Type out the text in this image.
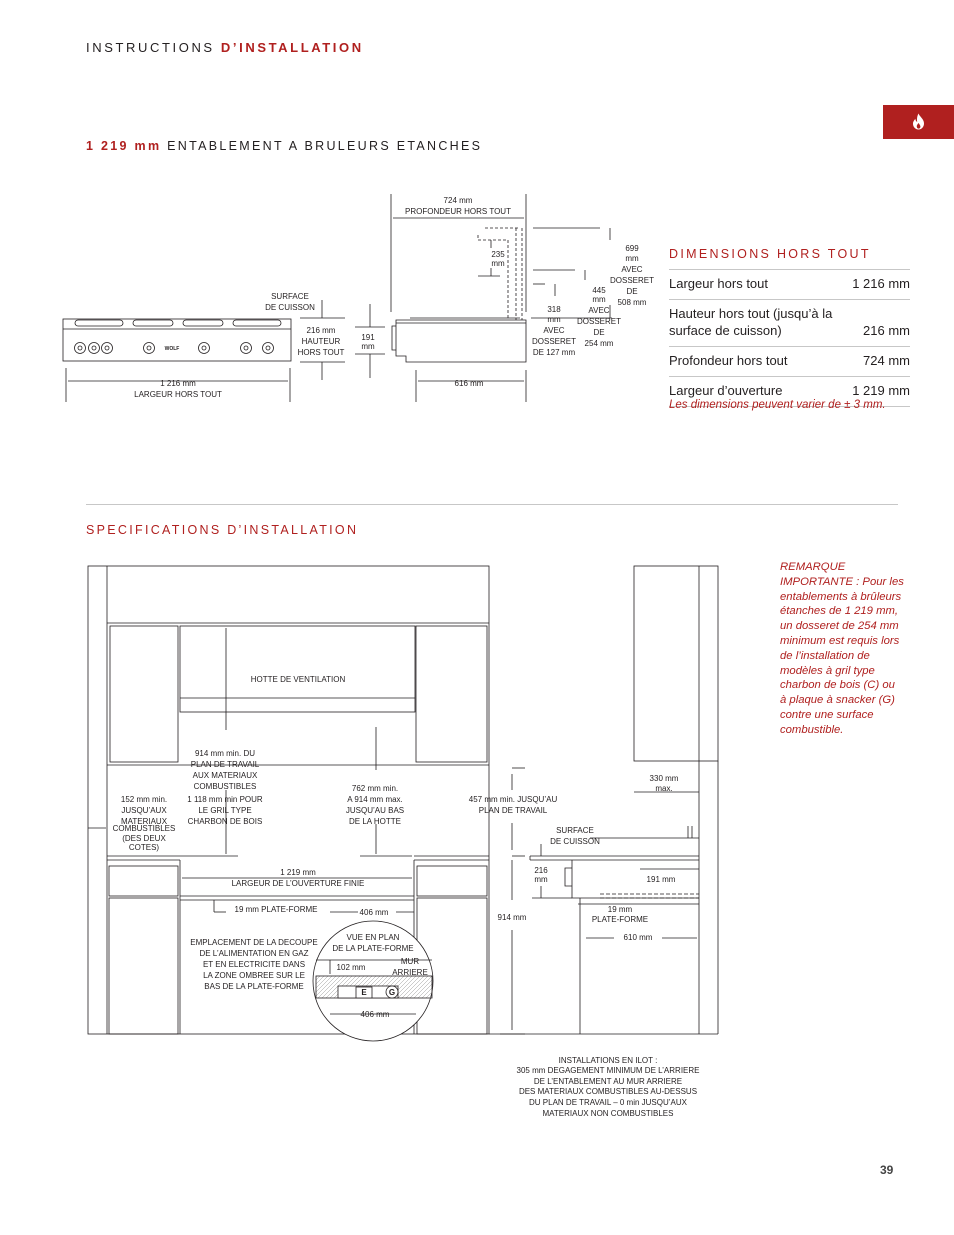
INSTRUCTIONS D’INSTALLATION
1 219 mm ENTABLEMENT A BRULEURS ETANCHES
WOLF
1 216 mm
LARGEUR HORS TOUT
SURFACE
DE CUISSON
216 mm
HAUTEUR
HORS TOUT
191
mm
724 mm
PROFONDEUR HORS TOUT
235
mm
699
mm
AVEC
DOSSERET
DE
508 mm
445
mm
AVEC
DOSSERET
DE
254 mm
318
mm
AVEC
DOSSERET
DE 127 mm
616 mm
DIMENSIONS HORS TOUT
Largeur hors tout	1 216 mm
Hauteur hors tout (jusqu’à la surface de cuisson)	216 mm
Profondeur hors tout	724 mm
Largeur d’ouverture	1 219 mm
Les dimensions peuvent varier de ± 3 mm.
SPECIFICATIONS D’INSTALLATION
REMARQUE IMPORTANTE : Pour les entablements à brûleurs étanches de 1 219 mm, un dosseret de 254 mm minimum est requis lors de l’installation de modèles à gril type charbon de bois (C) ou à plaque à snacker (G) contre une surface combustible.
HOTTE DE VENTILATION
914 mm min. DU
PLAN DE TRAVAIL
AUX MATERIAUX
COMBUSTIBLES
1 118 mm min POUR
LE GRIL TYPE
CHARBON DE BOIS
152 mm min.
JUSQU’AUX
MATERIAUX
COMBUSTIBLES
(DES DEUX
COTES)
762 mm min.
A 914 mm max.
JUSQU’AU BAS
DE LA HOTTE
1 219 mm
LARGEUR DE L’OUVERTURE FINIE
19 mm PLATE-FORME	406 mm
EMPLACEMENT DE LA DECOUPE
DE L’ALIMENTATION EN GAZ
ET EN ELECTRICITE DANS
LA ZONE OMBREE SUR LE
BAS DE LA PLATE-FORME
VUE EN PLAN
DE LA PLATE-FORME
MUR
ARRIERE
102 mm
E	G
406 mm
457 mm min. JUSQU’AU
PLAN DE TRAVAIL
330 mm
max.
SURFACE
DE CUISSON
216
mm	191 mm
914 mm
19 mm
PLATE-FORME
610 mm
INSTALLATIONS EN ILOT :
305 mm DEGAGEMENT MINIMUM DE L’ARRIERE
DE L’ENTABLEMENT AU MUR ARRIERE
DES MATERIAUX COMBUSTIBLES AU-DESSUS
DU PLAN DE TRAVAIL – 0 min JUSQU’AUX
MATERIAUX NON COMBUSTIBLES
39
